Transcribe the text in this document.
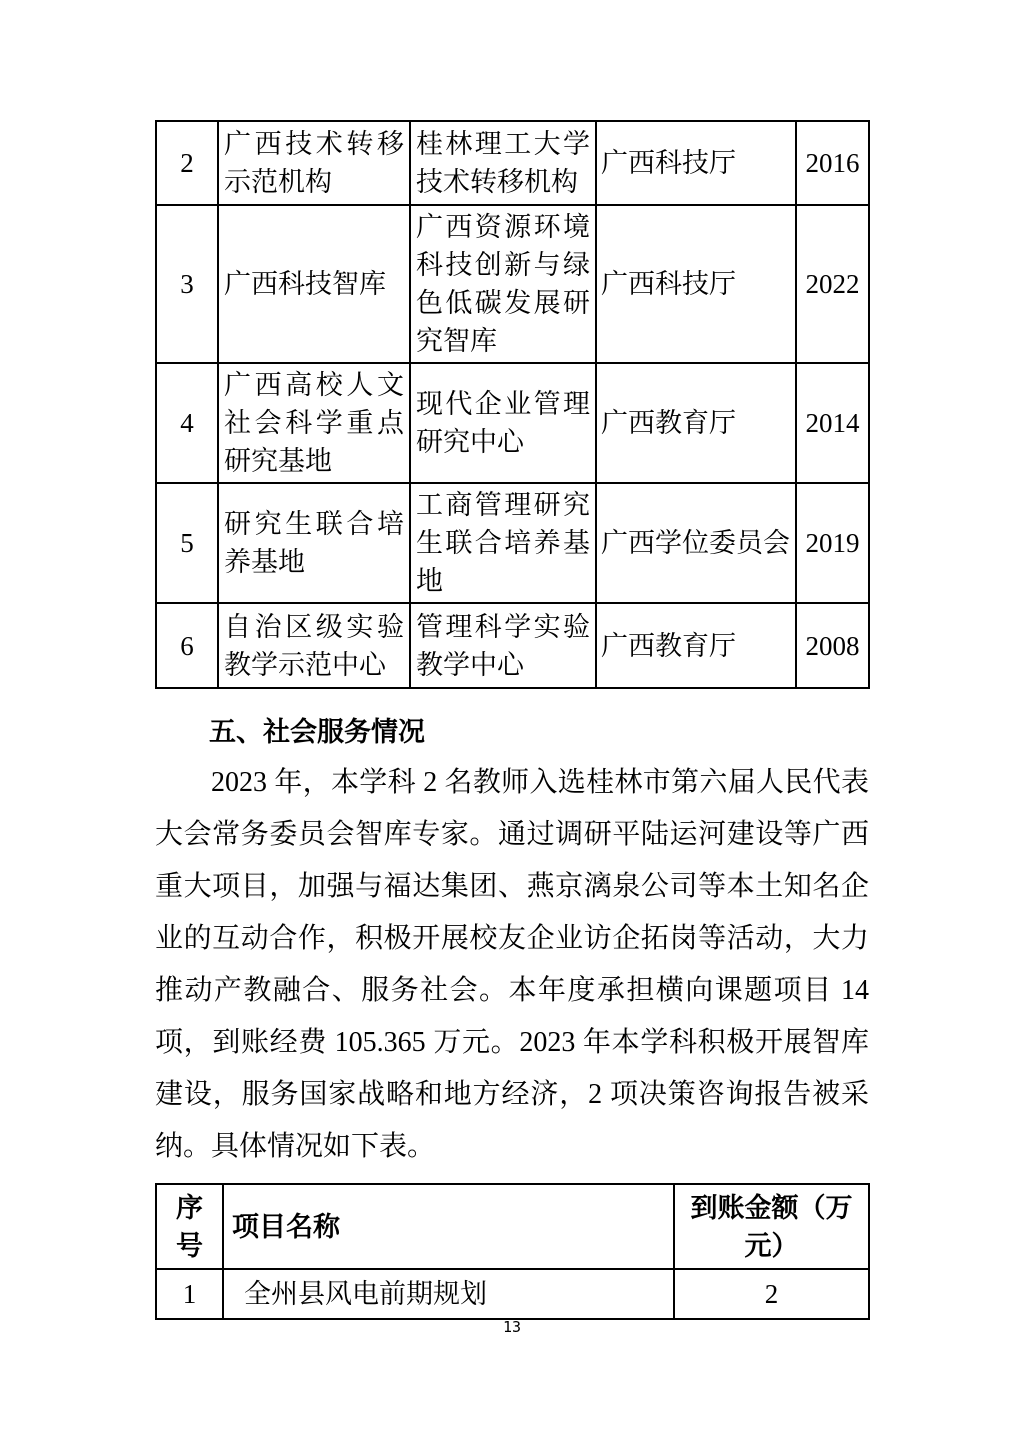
2	广西技术转移示范机构	桂林理工大学技术转移机构	广西科技厅	2016
3	广西科技智库	广西资源环境科技创新与绿色低碳发展研究智库	广西科技厅	2022
4	广西高校人文社会科学重点研究基地	现代企业管理研究中心	广西教育厅	2014
5	研究生联合培养基地	工商管理研究生联合培养基地	广西学位委员会	2019
6	自治区级实验教学示范中心	管理科学实验教学中心	广西教育厅	2008
五、社会服务情况

2023 年，本学科 2 名教师入选桂林市第六届人民代表大会常务委员会智库专家。通过调研平陆运河建设等广西重大项目，加强与福达集团、燕京漓泉公司等本土知名企业的互动合作，积极开展校友企业访企拓岗等活动，大力推动产教融合、服务社会。本年度承担横向课题项目 14 项，到账经费 105.365 万元。2023 年本学科积极开展智库建设，服务国家战略和地方经济，2 项决策咨询报告被采纳。具体情况如下表。

序号	项目名称	到账金额（万元）
1	全州县风电前期规划	2
13
